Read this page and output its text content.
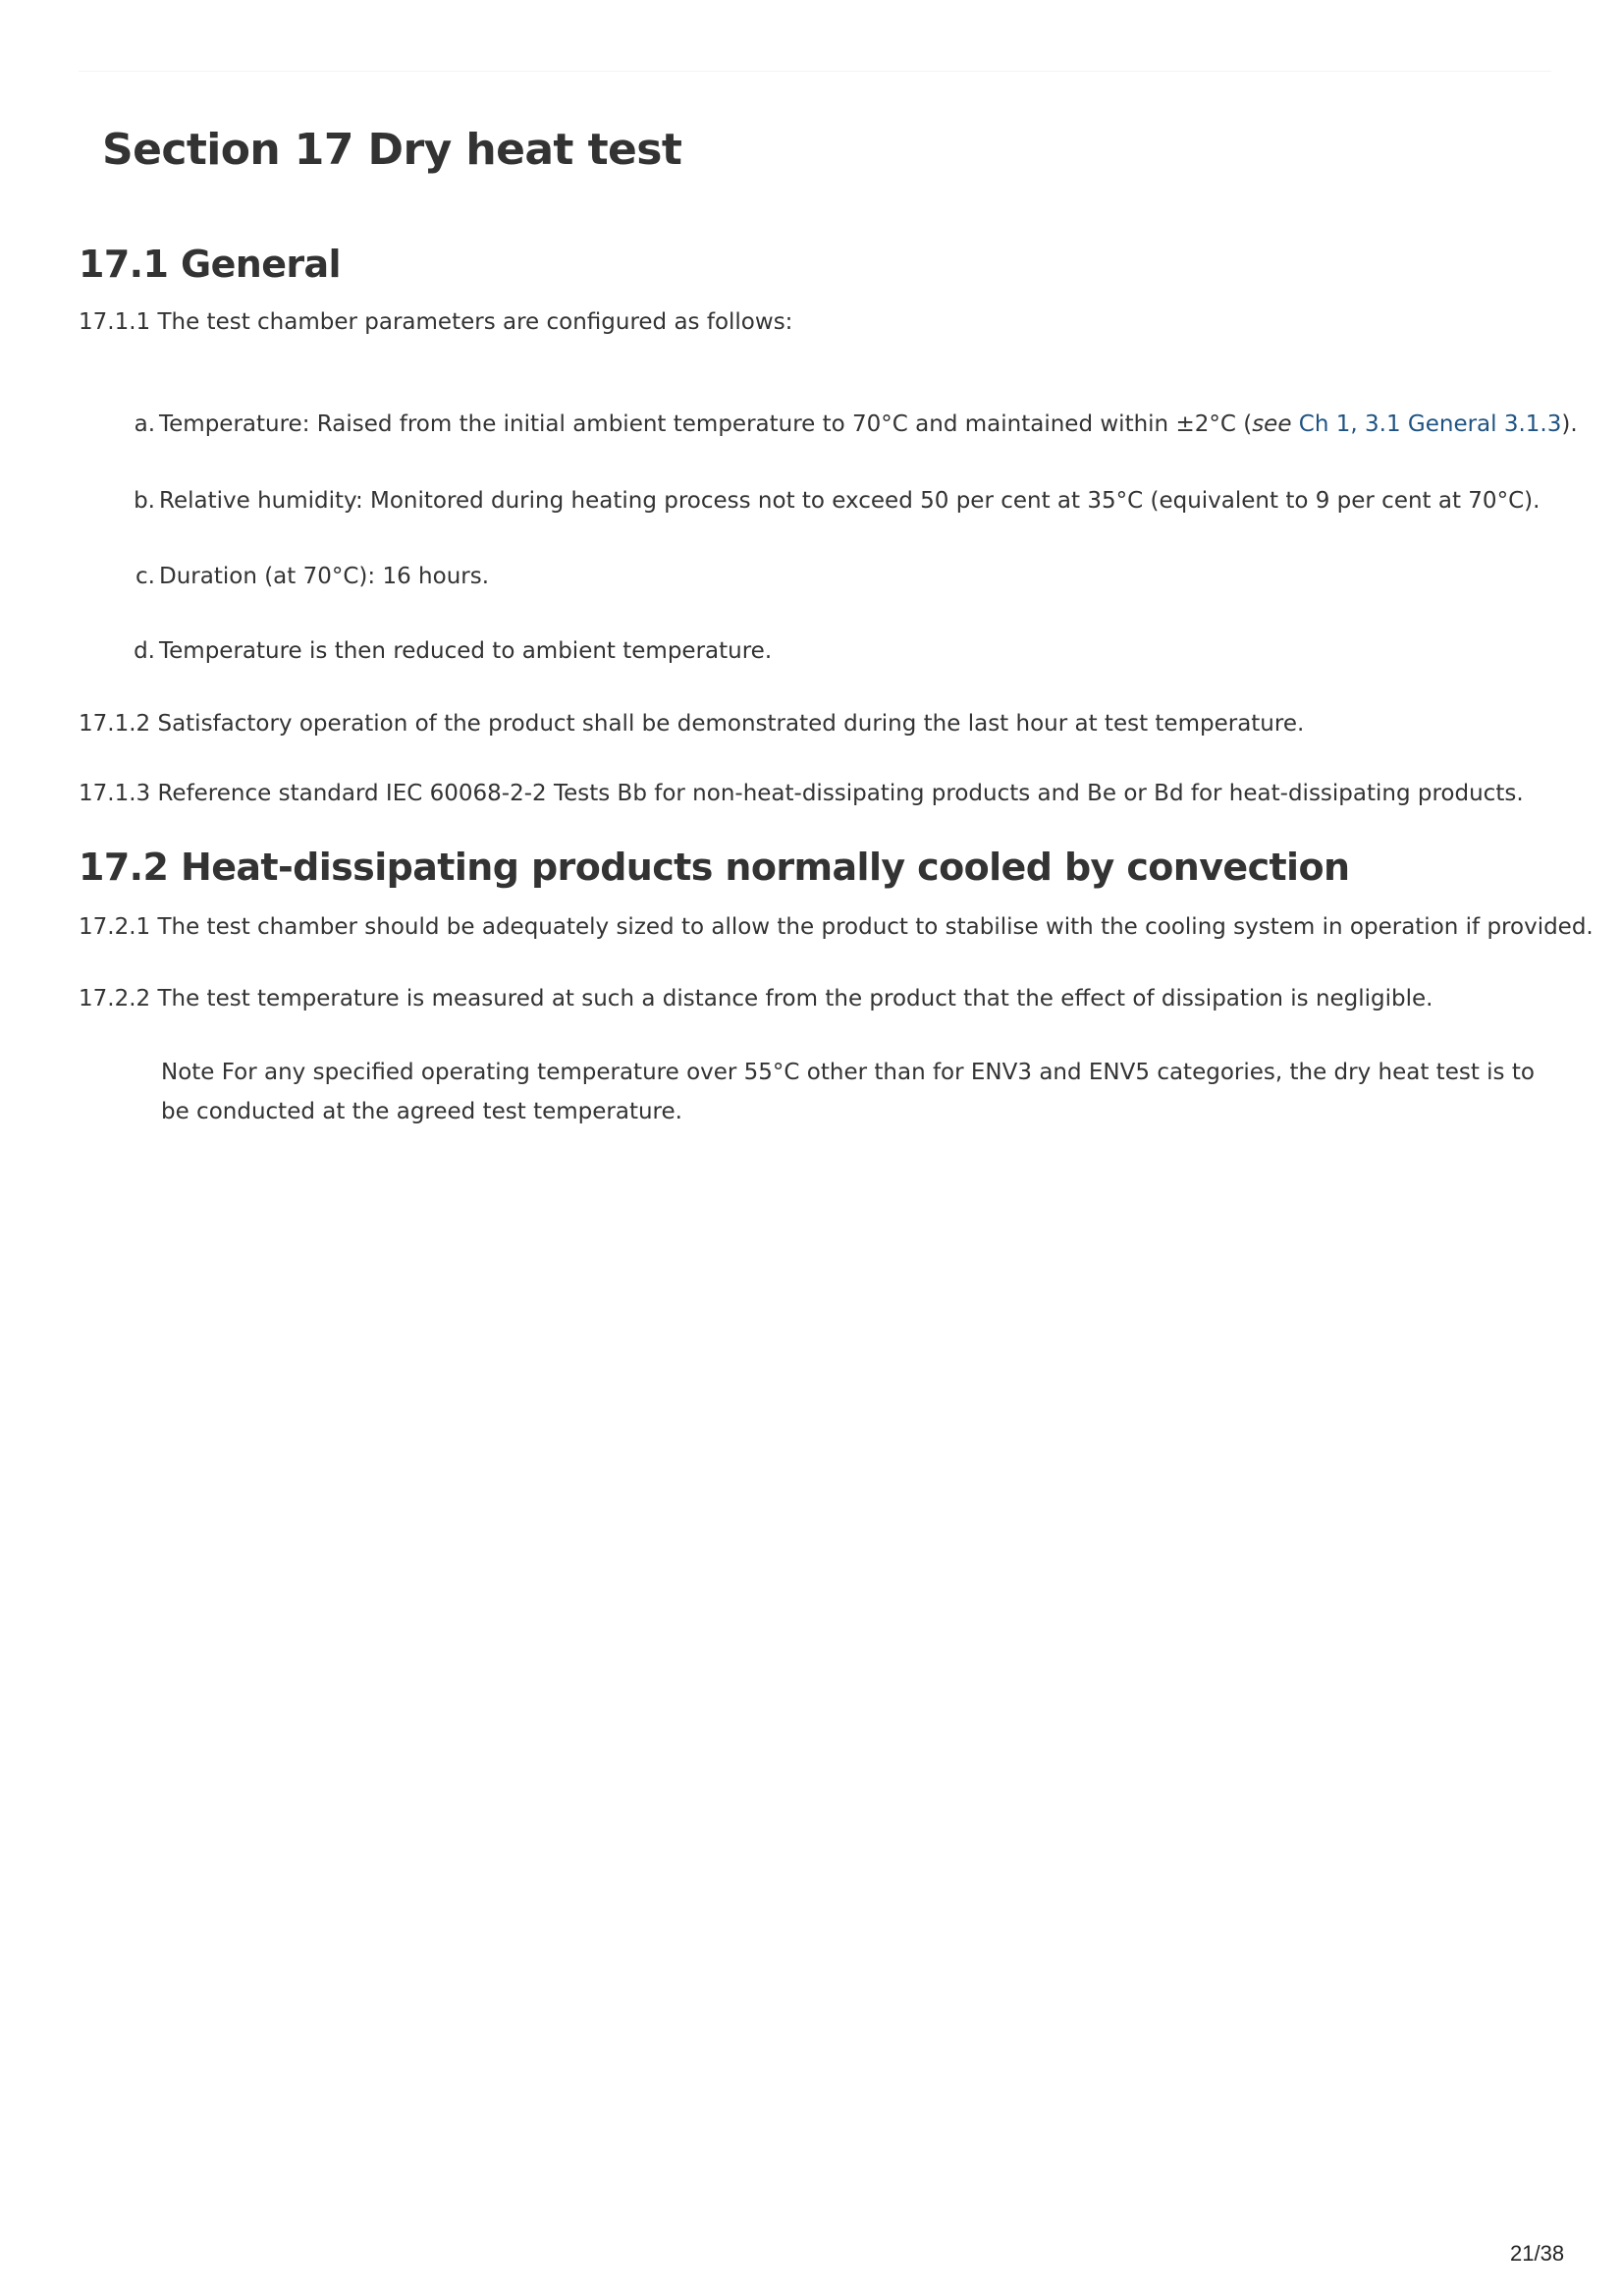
Section 17 Dry heat test
17.1 General

17.1.1 The test chamber parameters are configured as follows:

a. Temperature: Raised from the initial ambient temperature to 70°C and maintained within ±2°C (see Ch 1, 3.1 General 3.1.3).

b. Relative humidity: Monitored during heating process not to exceed 50 per cent at 35°C (equivalent to 9 per cent at 70°C).

c. Duration (at 70°C): 16 hours.

d. Temperature is then reduced to ambient temperature.

17.1.2 Satisfactory operation of the product shall be demonstrated during the last hour at test temperature.

17.1.3 Reference standard IEC 60068-2-2 Tests Bb for non-heat-dissipating products and Be or Bd for heat-dissipating products.

17.2 Heat-dissipating products normally cooled by convection

17.2.1 The test chamber should be adequately sized to allow the product to stabilise with the cooling system in operation if provided.

17.2.2 The test temperature is measured at such a distance from the product that the effect of dissipation is negligible.

Note For any specified operating temperature over 55°C other than for ENV3 and ENV5 categories, the dry heat test is to be conducted at the agreed test temperature.

21/38
